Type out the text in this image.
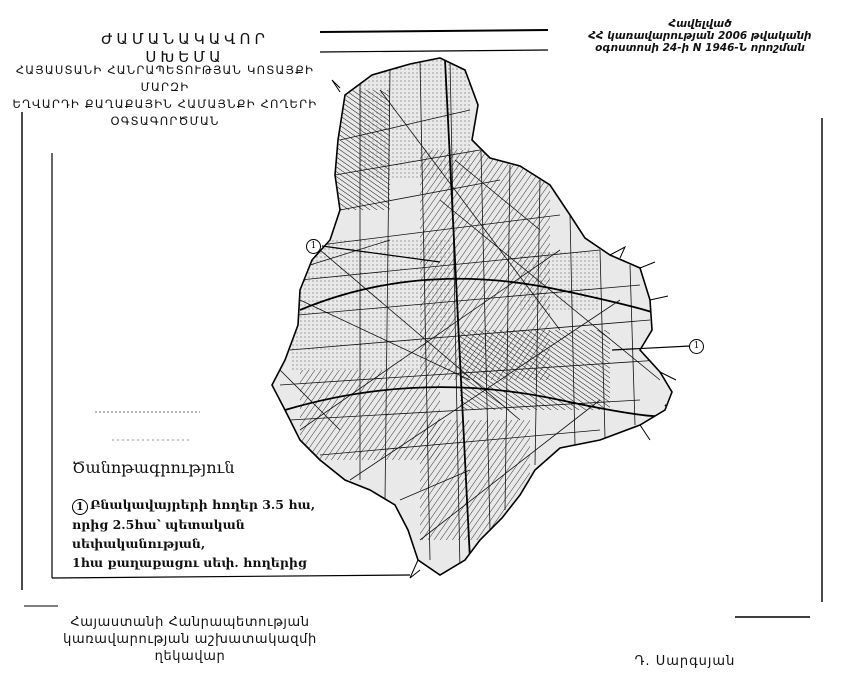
1
1
ԺԱՄԱՆԱԿԱՎՈՐ ՍԽԵՄԱ
ՀԱՅԱՍՏԱՆԻ ՀԱՆՐԱՊԵՏՈՒԹՅԱՆ ԿՈՏԱՅՔԻ ՄԱՐԶԻ
ԵՂՎԱՐԴԻ ՔԱՂԱՔԱՅԻՆ ՀԱՄԱՅՆՔԻ ՀՈՂԵՐԻ
ՕԳՏԱԳՈՐԾՄԱՆ
Հավելված
ՀՀ կառավարության 2006 թվականի
օգոստոսի 24-ի N 1946-Ն որոշման
Ծանոթագրություն
1 Բնակավայրերի հողեր 3.5 հա,
որից 2.5հա՝ պետական սեփականության,
1հա քաղաքացու սեփ. հողերից
Հայաստանի Հանրապետության
կառավարության աշխատակազմի
ղեկավար	Դ. Սարգսյան
